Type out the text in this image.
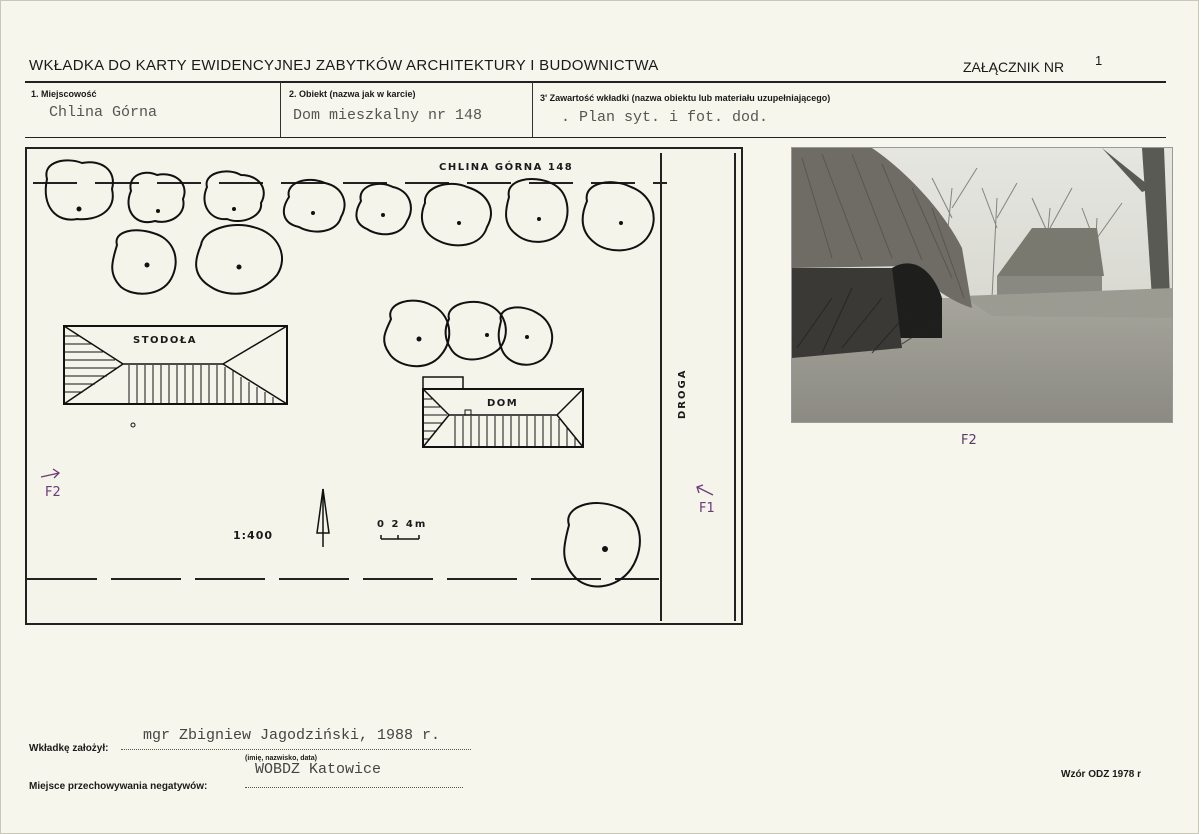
WKŁADKA DO KARTY EWIDENCYJNEJ ZABYTKÓW ARCHITEKTURY I BUDOWNICTWA	ZAŁĄCZNIK NR 1
1. Miejscowość
Chlina Górna
2. Obiekt (nazwa jak w karcie)
Dom mieszkalny nr 148
3' Zawartość wkładki (nazwa obiektu lub materiału uzupełniającego)
. Plan syt. i fot. dod.
CHLINA GÓRNA 148
STODOŁA
DOM	DROGA
1:400
0 2 4m
F2
F1
F2
Wkładkę założył:
mgr Zbigniew Jagodziński, 1988 r.
(imię, nazwisko, data)
Miejsce przechowywania negatywów:
WOBDZ Katowice	Wzór ODZ 1978 r
